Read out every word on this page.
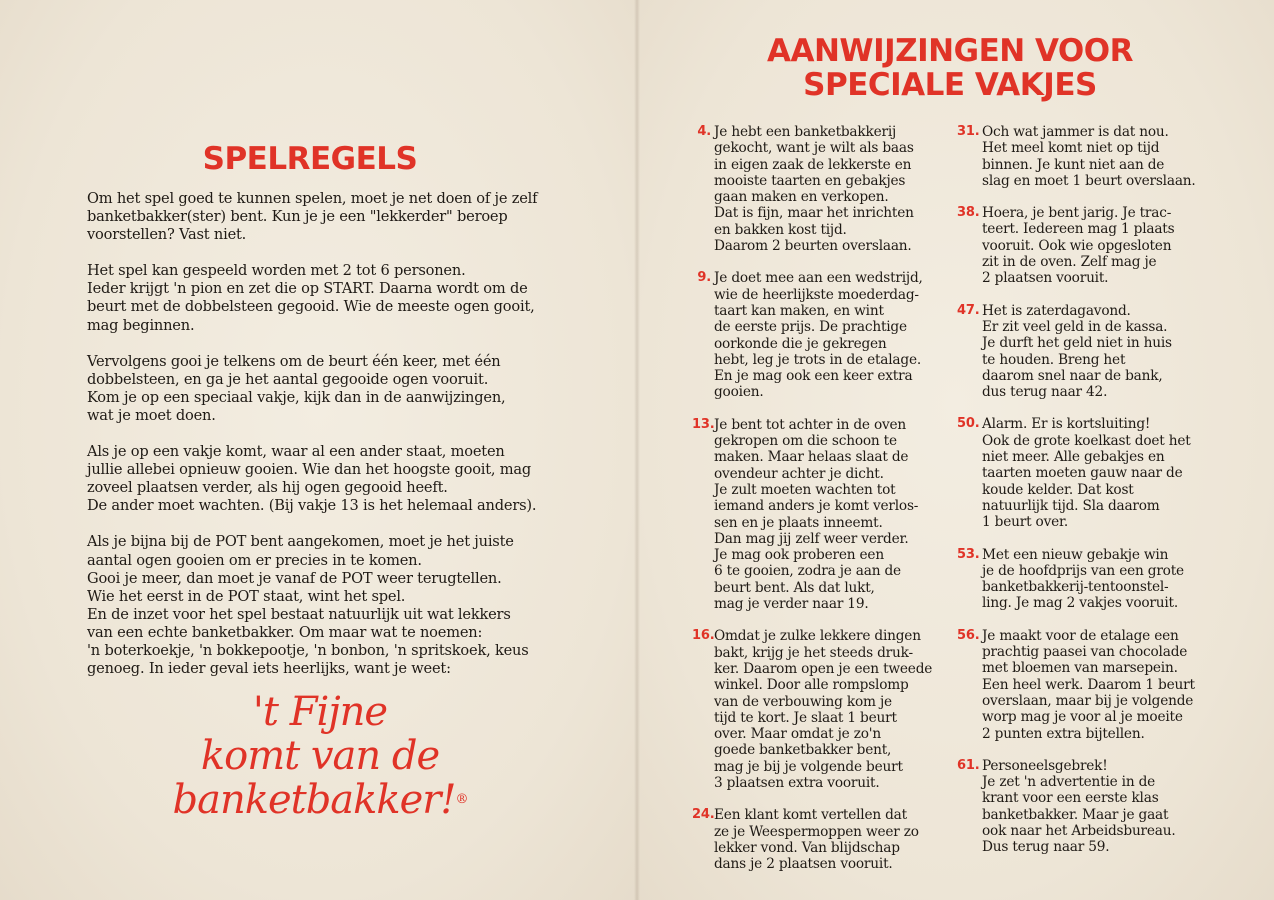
SPELREGELS

Om het spel goed te kunnen spelen, moet je net doen of je zelf
banketbakker(ster) bent. Kun je je een "lekkerder" beroep
voorstellen? Vast niet.

Het spel kan gespeeld worden met 2 tot 6 personen.
Ieder krijgt 'n pion en zet die op START. Daarna wordt om de
beurt met de dobbelsteen gegooid. Wie de meeste ogen gooit,
mag beginnen.

Vervolgens gooi je telkens om de beurt één keer, met één
dobbelsteen, en ga je het aantal gegooide ogen vooruit.
Kom je op een speciaal vakje, kijk dan in de aanwijzingen,
wat je moet doen.

Als je op een vakje komt, waar al een ander staat, moeten
jullie allebei opnieuw gooien. Wie dan het hoogste gooit, mag
zoveel plaatsen verder, als hij ogen gegooid heeft.
De ander moet wachten. (Bij vakje 13 is het helemaal anders).

Als je bijna bij de POT bent aangekomen, moet je het juiste
aantal ogen gooien om er precies in te komen.
Gooi je meer, dan moet je vanaf de POT weer terugtellen.
Wie het eerst in de POT staat, wint het spel.
En de inzet voor het spel bestaat natuurlijk uit wat lekkers
van een echte banketbakker. Om maar wat te noemen:
'n boterkoekje, 'n bokkepootje, 'n bonbon, 'n spritskoek, keus
genoeg. In ieder geval iets heerlijks, want je weet:

't Fijne
komt van de
banketbakker!®
AANWIJZINGEN VOOR
SPECIALE VAKJES
4. Je hebt een banketbakkerij
gekocht, want je wilt als baas
in eigen zaak de lekkerste en
mooiste taarten en gebakjes
gaan maken en verkopen.
Dat is fijn, maar het inrichten
en bakken kost tijd.
Daarom 2 beurten overslaan.
9. Je doet mee aan een wedstrijd,
wie de heerlijkste moederdag-
taart kan maken, en wint
de eerste prijs. De prachtige
oorkonde die je gekregen
hebt, leg je trots in de etalage.
En je mag ook een keer extra
gooien.
13. Je bent tot achter in de oven
gekropen om die schoon te
maken. Maar helaas slaat de
ovendeur achter je dicht.
Je zult moeten wachten tot
iemand anders je komt verlos-
sen en je plaats inneemt.
Dan mag jij zelf weer verder.
Je mag ook proberen een
6 te gooien, zodra je aan de
beurt bent. Als dat lukt,
mag je verder naar 19.
16. Omdat je zulke lekkere dingen
bakt, krijg je het steeds druk-
ker. Daarom open je een tweede
winkel. Door alle rompslomp
van de verbouwing kom je
tijd te kort. Je slaat 1 beurt
over. Maar omdat je zo'n
goede banketbakker bent,
mag je bij je volgende beurt
3 plaatsen extra vooruit.
24. Een klant komt vertellen dat
ze je Weespermoppen weer zo
lekker vond. Van blijdschap
dans je 2 plaatsen vooruit.
31. Och wat jammer is dat nou.
Het meel komt niet op tijd
binnen. Je kunt niet aan de
slag en moet 1 beurt overslaan.
38. Hoera, je bent jarig. Je trac-
teert. Iedereen mag 1 plaats
vooruit. Ook wie opgesloten
zit in de oven. Zelf mag je
2 plaatsen vooruit.
47. Het is zaterdagavond.
Er zit veel geld in de kassa.
Je durft het geld niet in huis
te houden. Breng het
daarom snel naar de bank,
dus terug naar 42.
50. Alarm. Er is kortsluiting!
Ook de grote koelkast doet het
niet meer. Alle gebakjes en
taarten moeten gauw naar de
koude kelder. Dat kost
natuurlijk tijd. Sla daarom
1 beurt over.
53. Met een nieuw gebakje win
je de hoofdprijs van een grote
banketbakkerij-tentoonstel-
ling. Je mag 2 vakjes vooruit.
56. Je maakt voor de etalage een
prachtig paasei van chocolade
met bloemen van marsepein.
Een heel werk. Daarom 1 beurt
overslaan, maar bij je volgende
worp mag je voor al je moeite
2 punten extra bijtellen.
61. Personeelsgebrek!
Je zet 'n advertentie in de
krant voor een eerste klas
banketbakker. Maar je gaat
ook naar het Arbeidsbureau.
Dus terug naar 59.
